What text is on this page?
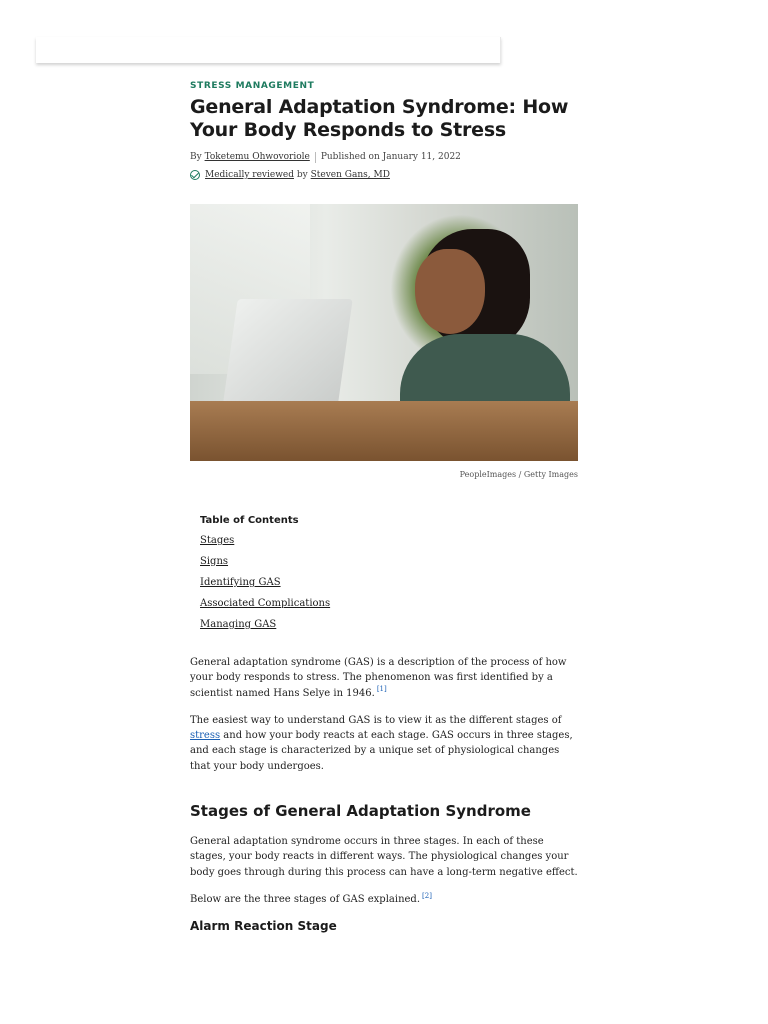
STRESS MANAGEMENT
General Adaptation Syndrome: How Your Body Responds to Stress
By
Toketemu Ohwovoriole Published on January 11, 2022
Medically reviewed
by
Steven Gans, MD
PeopleImages / Getty Images
Table of Contents
Stages
Signs
Identifying GAS
Associated Complications
Managing GAS

General adaptation syndrome (GAS) is a description of the process of how your body responds to stress. The phenomenon was first identified by a scientist named Hans Selye in 1946. [1]

The easiest way to understand GAS is to view it as the different stages of stress and how your body reacts at each stage. GAS occurs in three stages, and each stage is characterized by a unique set of physiological changes that your body undergoes.

Stages of General Adaptation Syndrome

General adaptation syndrome occurs in three stages. In each of these stages, your body reacts in different ways. The physiological changes your body goes through during this process can have a long-term negative effect.

Below are the three stages of GAS explained. [2]

Alarm Reaction Stage
